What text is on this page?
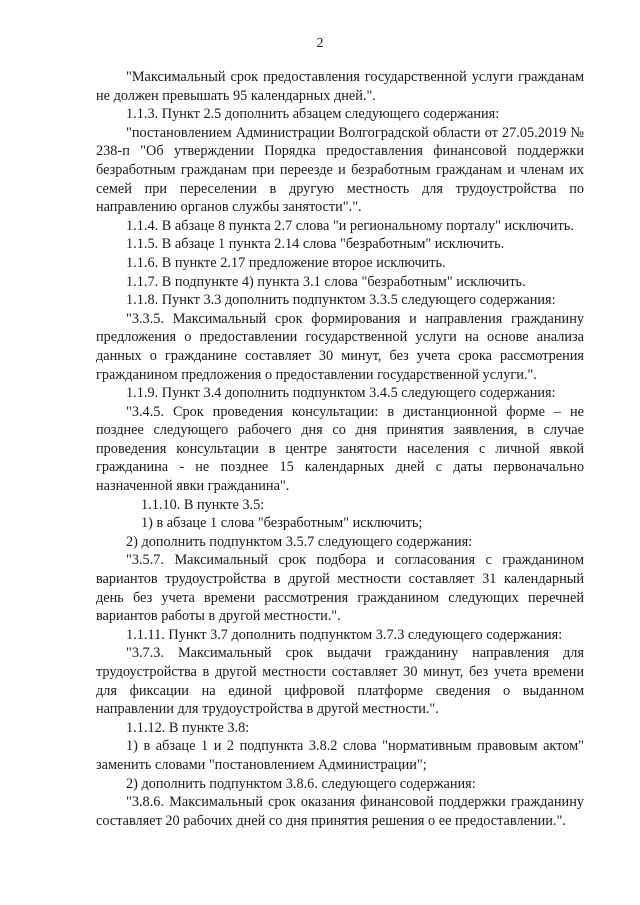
2

"Максимальный срок предоставления государственной услуги гражданам не должен превышать 95 календарных дней.".

1.1.3. Пункт 2.5 дополнить абзацем следующего содержания:

"постановлением Администрации Волгоградской области от 27.05.2019 № 238-п "Об утверждении Порядка предоставления финансовой поддержки безработным гражданам при переезде и безработным гражданам и членам их семей при переселении в другую местность для трудоустройства по направлению органов службы занятости".".

1.1.4. В абзаце 8 пункта 2.7 слова "и региональному порталу" исключить.

1.1.5. В абзаце 1 пункта 2.14 слова "безработным" исключить.

1.1.6. В пункте 2.17 предложение второе исключить.

1.1.7. В подпункте 4) пункта 3.1 слова "безработным" исключить.

1.1.8. Пункт 3.3 дополнить подпунктом 3.3.5 следующего содержания:

"3.3.5. Максимальный срок формирования и направления гражданину предложения о предоставлении государственной услуги на основе анализа данных о гражданине составляет 30 минут, без учета срока рассмотрения гражданином предложения о предоставлении государственной услуги.".

1.1.9. Пункт 3.4 дополнить подпунктом 3.4.5 следующего содержания:

"3.4.5. Срок проведения консультации: в дистанционной форме – не позднее следующего рабочего дня со дня принятия заявления, в случае проведения консультации в центре занятости населения с личной явкой гражданина - не позднее 15 календарных дней с даты первоначально назначенной явки гражданина".

1.1.10. В пункте 3.5:

1) в абзаце 1 слова "безработным" исключить;

2) дополнить подпунктом 3.5.7 следующего содержания:

"3.5.7. Максимальный срок подбора и согласования с гражданином вариантов трудоустройства в другой местности составляет 31 календарный день без учета времени рассмотрения гражданином следующих перечней вариантов работы в другой местности.".

1.1.11. Пункт 3.7 дополнить подпунктом 3.7.3 следующего содержания:

"3.7.3. Максимальный срок выдачи гражданину направления для трудоустройства в другой местности составляет 30 минут, без учета времени для фиксации на единой цифровой платформе сведения о выданном направлении для трудоустройства в другой местности.".

1.1.12. В пункте 3.8:

1) в абзаце 1 и 2 подпункта 3.8.2 слова "нормативным правовым актом" заменить словами "постановлением Администрации";

2) дополнить подпунктом 3.8.6. следующего содержания:

"3.8.6. Максимальный срок оказания финансовой поддержки гражданину составляет 20 рабочих дней со дня принятия решения о ее предоставлении.".
